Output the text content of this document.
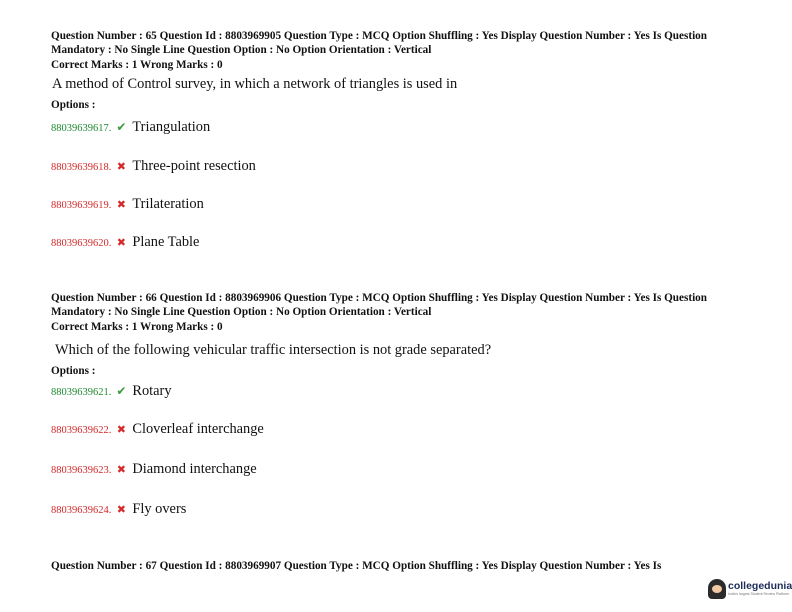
Question Number : 65 Question Id : 8803969905 Question Type : MCQ Option Shuffling : Yes Display Question Number : Yes Is Question Mandatory : No Single Line Question Option : No Option Orientation : Vertical
Correct Marks : 1 Wrong Marks : 0
A method of Control survey, in which a network of triangles is used in
Options :
88039639617. ✔ Triangulation
88039639618. ✖ Three-point resection
88039639619. ✖ Trilateration
88039639620. ✖ Plane Table
Question Number : 66 Question Id : 8803969906 Question Type : MCQ Option Shuffling : Yes Display Question Number : Yes Is Question Mandatory : No Single Line Question Option : No Option Orientation : Vertical
Correct Marks : 1 Wrong Marks : 0
Which of the following vehicular traffic intersection is not grade separated?
Options :
88039639621. ✔ Rotary
88039639622. ✖ Cloverleaf interchange
88039639623. ✖ Diamond interchange
88039639624. ✖ Fly overs
Question Number : 67 Question Id : 8803969907 Question Type : MCQ Option Shuffling : Yes Display Question Number : Yes Is
collegedunia
India's largest Student Review Platform
